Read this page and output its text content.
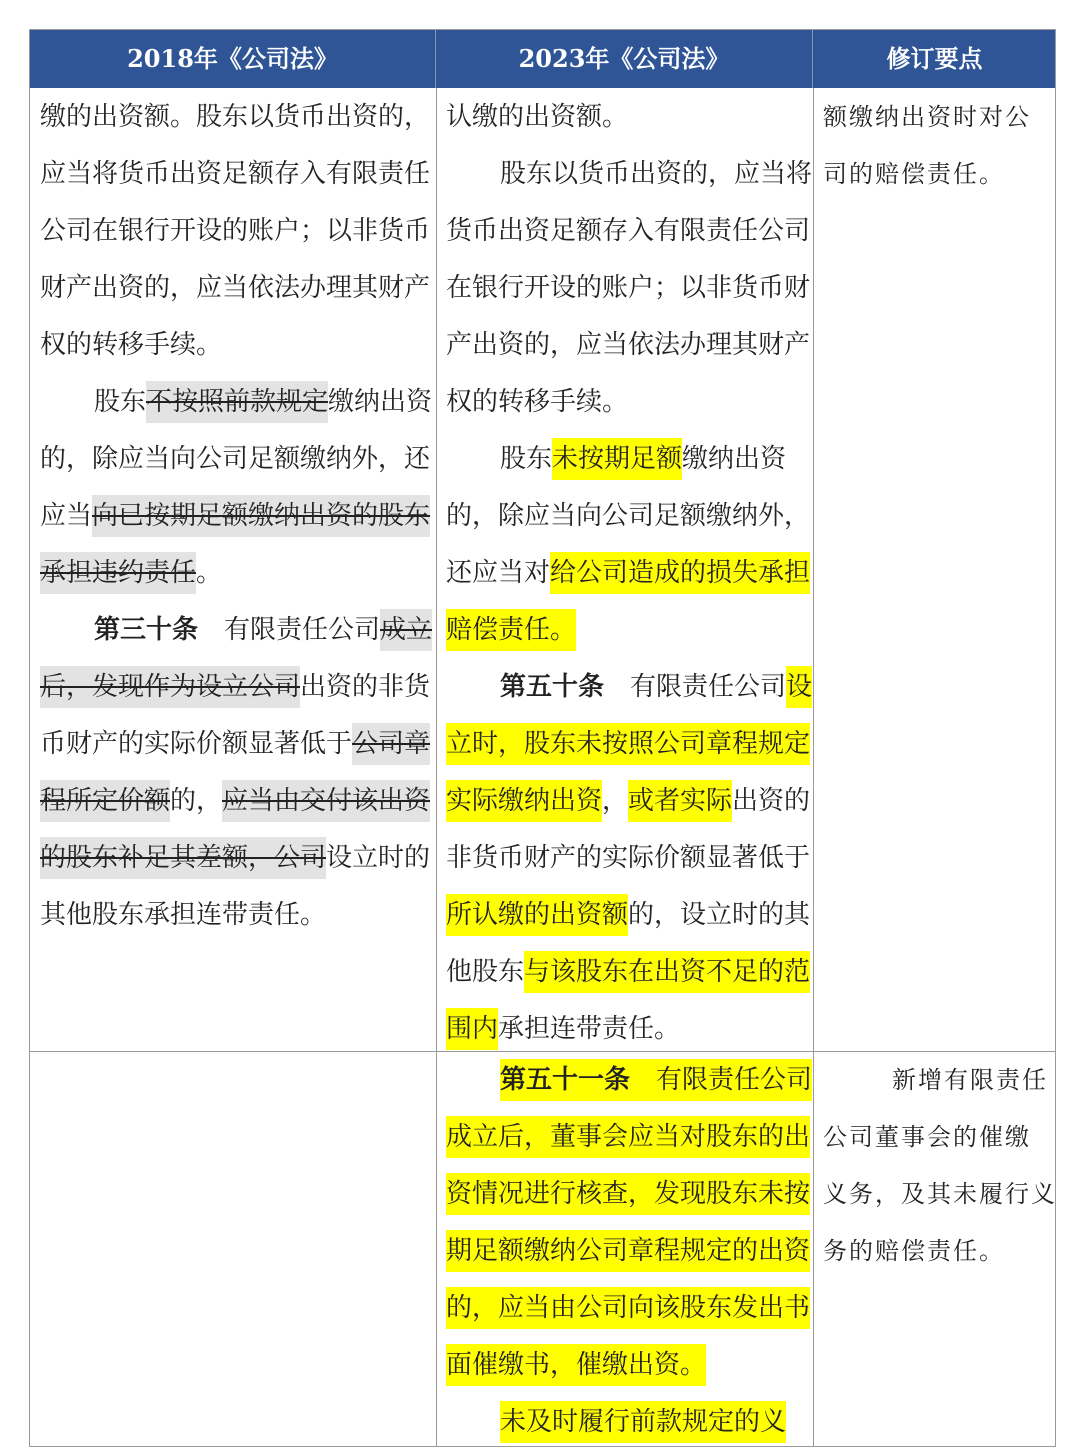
2018年《公司法》	2023年《公司法》	修订要点
缴的出资额。股东以货币出资的，
应当将货币出资足额存入有限责任
公司在银行开设的账户；以非货币
财产出资的，应当依法办理其财产
权的转移手续。
股东不按照前款规定缴纳出资
的，除应当向公司足额缴纳外，还
应当向已按期足额缴纳出资的股东
承担违约责任。
第三十条　 有限责任公司成立
后，发现作为设立公司出资的非货
币财产的实际价额显著低于公司章
程所定价额的，应当由交付该出资
的股东补足其差额，公司设立时的
其他股东承担连带责任。
认缴的出资额。
股东以货币出资的，应当将
货币出资足额存入有限责任公司
在银行开设的账户；以非货币财
产出资的，应当依法办理其财产
权的转移手续。
股东未按期足额缴纳出资
的，除应当向公司足额缴纳外，
还应当对给公司造成的损失承担
赔偿责任。
第五十条　 有限责任公司设
立时，股东未按照公司章程规定
实际缴纳出资，或者实际出资的
非货币财产的实际价额显著低于
所认缴的出资额的，设立时的其
他股东与该股东在出资不足的范
围内承担连带责任。
额缴纳出资时对公
司的赔偿责任。
第五十一条　 有限责任公司
成立后，董事会应当对股东的出
资情况进行核查，发现股东未按
期足额缴纳公司章程规定的出资
的，应当由公司向该股东发出书
面催缴书，催缴出资。
未及时履行前款规定的义
新增有限责任
公司董事会的催缴
义务，及其未履行义
务的赔偿责任。
